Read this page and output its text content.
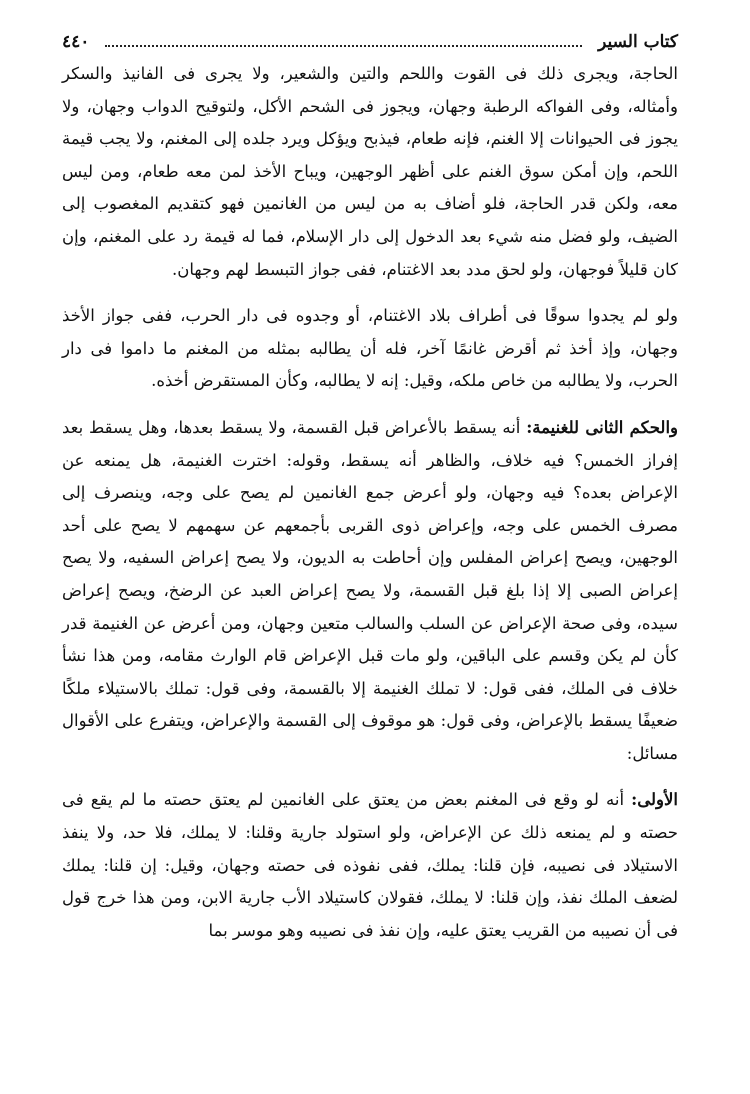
كتاب السير
٤٤٠

الحاجة، ويجرى ذلك فى القوت واللحم والتين والشعير، ولا يجرى فى الفانيذ والسكر وأمثاله، وفى الفواكه الرطبة وجهان، ويجوز فى الشحم الأكل، ولتوقيح الدواب وجهان، ولا يجوز فى الحيوانات إلا الغنم، فإنه طعام، فيذبح ويؤكل ويرد جلده إلى المغنم، ولا يجب قيمة اللحم، وإن أمكن سوق الغنم على أظهر الوجهين، ويباح الأخذ لمن معه طعام، ومن ليس معه، ولكن قدر الحاجة، فلو أضاف به من ليس من الغانمين فهو كتقديم المغصوب إلى الضيف، ولو فضل منه شيء بعد الدخول إلى دار الإسلام، فما له قيمة رد على المغنم، وإن كان قليلاً فوجهان، ولو لحق مدد بعد الاغتنام، ففى جواز التبسط لهم وجهان.

ولو لم يجدوا سوقًا فى أطراف بلاد الاغتنام، أو وجدوه فى دار الحرب، ففى جواز الأخذ وجهان، وإذ أخذ ثم أقرض غانمًا آخر، فله أن يطالبه بمثله من المغنم ما داموا فى دار الحرب، ولا يطالبه من خاص ملكه، وقيل: إنه لا يطالبه، وكأن المستقرض أخذه.

والحكم الثانى للغنيمة: أنه يسقط بالأعراض قبل القسمة، ولا يسقط بعدها، وهل يسقط بعد إفراز الخمس؟ فيه خلاف، والظاهر أنه يسقط، وقوله: اخترت الغنيمة، هل يمنعه عن الإعراض بعده؟ فيه وجهان، ولو أعرض جمع الغانمين لم يصح على وجه، وينصرف إلى مصرف الخمس على وجه، وإعراض ذوى القربى بأجمعهم عن سهمهم لا يصح على أحد الوجهين، ويصح إعراض المفلس وإن أحاطت به الديون، ولا يصح إعراض السفيه، ولا يصح إعراض الصبى إلا إذا بلغ قبل القسمة، ولا يصح إعراض العبد عن الرضخ، ويصح إعراض سيده، وفى صحة الإعراض عن السلب والسالب متعين وجهان، ومن أعرض عن الغنيمة قدر كأن لم يكن وقسم على الباقين، ولو مات قبل الإعراض قام الوارث مقامه، ومن هذا نشأ خلاف فى الملك، ففى قول: لا تملك الغنيمة إلا بالقسمة، وفى قول: تملك بالاستيلاء ملكًا ضعيفًا يسقط بالإعراض، وفى قول: هو موقوف إلى القسمة والإعراض، ويتفرع على الأقوال مسائل:

الأولى: أنه لو وقع فى المغنم بعض من يعتق على الغانمين لم يعتق حصته ما لم يقع فى حصته و لم يمنعه ذلك عن الإعراض، ولو استولد جارية وقلنا: لا يملك، فلا حد، ولا ينفذ الاستيلاد فى نصيبه، فإن قلنا: يملك، ففى نفوذه فى حصته وجهان، وقيل: إن قلنا: يملك لضعف الملك نفذ، وإن قلنا: لا يملك، فقولان كاستيلاد الأب جارية الابن، ومن هذا خرج قول فى أن نصيبه من القريب يعتق عليه، وإن نفذ فى نصيبه وهو موسر بما
